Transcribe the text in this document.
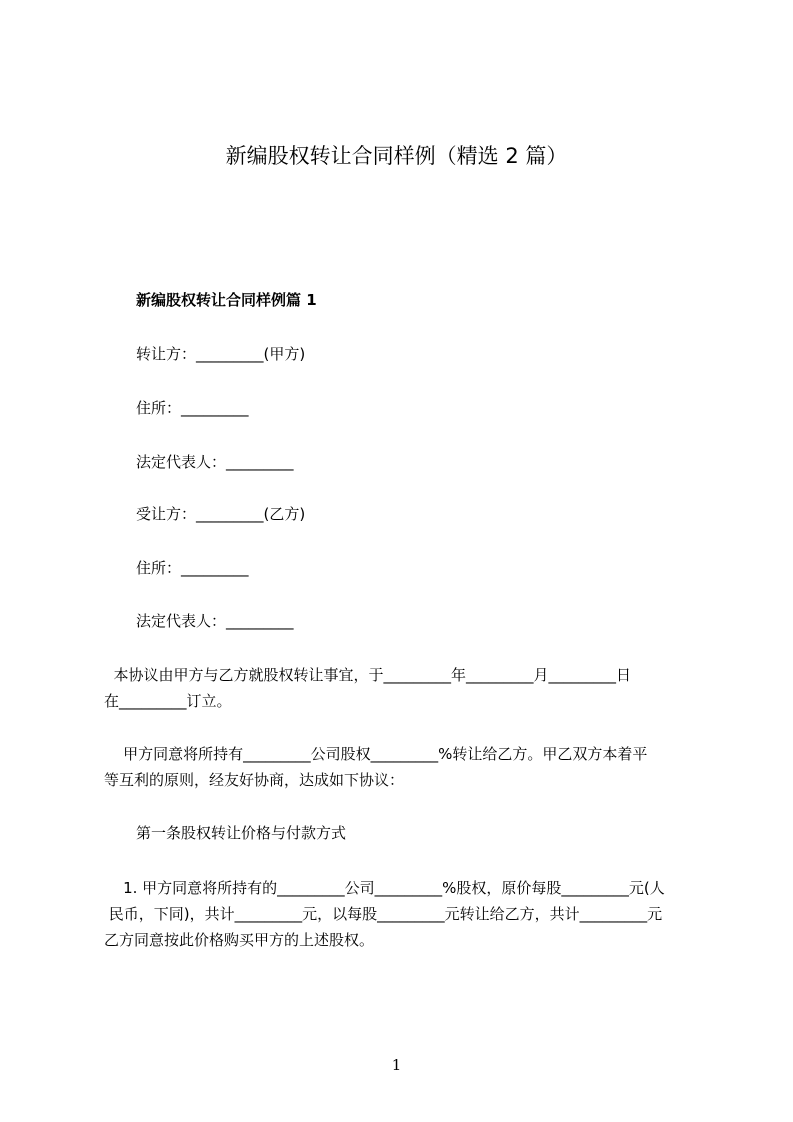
新编股权转让合同样例（精选 2 篇）
新编股权转让合同样例篇 1
转让方：_________(甲方)
住所：_________
法定代表人：_________
受让方：_________(乙方)
住所：_________
法定代表人：_________
本协议由甲方与乙方就股权转让事宜，于_________年_________月_________日
在_________订立。
甲方同意将所持有_________公司股权_________%转让给乙方。甲乙双方本着平
等互利的原则，经友好协商，达成如下协议：
第一条股权转让价格与付款方式
1. 甲方同意将所持有的_________公司_________%股权，原价每股_________元(人
民币，下同)，共计_________元，以每股_________元转让给乙方，共计_________元
乙方同意按此价格购买甲方的上述股权。
1
